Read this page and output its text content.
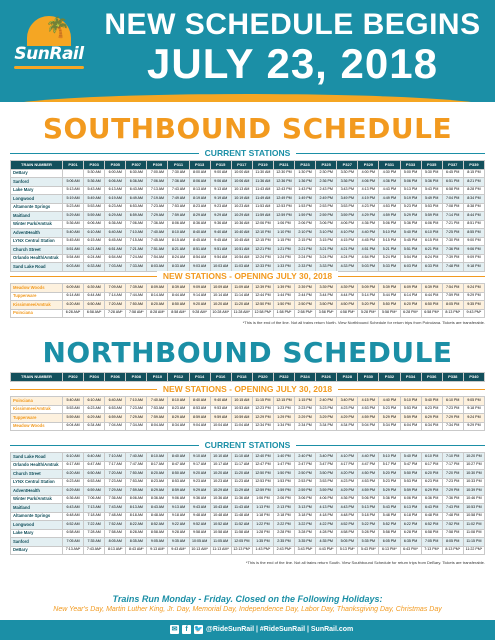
🌴
SunRail
NEW SCHEDULE BEGINS
JULY 23, 2018
SOUTHBOUND SCHEDULE
CURRENT STATIONS
TRAIN NUMBER	P301	P303	P305	P307	P309	P311	P313	P315	P317	P319	P321	P323	P325	P327	P329	P331	P333	P335	P337	P339
DeBary		5:30 AM	6:00 AM	6:30 AM	7:00 AM	7:30 AM	8:00 AM	9:00 AM	10:00 AM	11:30 AM	12:30 PM	1:30 PM	2:30 PM	3:30 PM	4:00 PM	4:30 PM	5:00 PM	5:30 PM	6:45 PM	8:15 PM
Sanford	5:06 AM	5:36 AM	6:06 AM	6:36 AM	7:06 AM	7:36 AM	8:06 AM	9:06 AM	10:06 AM	11:36 AM	12:36 PM	1:36 PM	2:36 PM	3:36 PM	4:06 PM	4:36 PM	5:06 PM	5:36 PM	6:51 PM	8:21 PM
Lake Mary	5:13 AM	5:43 AM	6:13 AM	6:43 AM	7:13 AM	7:43 AM	8:13 AM	9:13 AM	10:13 AM	11:43 AM	12:43 PM	1:43 PM	2:43 PM	3:43 PM	4:13 PM	4:43 PM	5:13 PM	5:43 PM	6:58 PM	8:28 PM
Longwood	5:19 AM	5:49 AM	6:19 AM	6:49 AM	7:19 AM	7:49 AM	8:19 AM	9:19 AM	10:19 AM	11:49 AM	12:49 PM	1:49 PM	2:49 PM	3:49 PM	4:19 PM	4:49 PM	5:19 PM	5:49 PM	7:04 PM	8:34 PM
Altamonte Springs	5:23 AM	5:53 AM	6:23 AM	6:53 AM	7:23 AM	7:53 AM	8:23 AM	9:23 AM	10:23 AM	11:53 AM	12:53 PM	1:53 PM	2:53 PM	3:53 PM	4:23 PM	4:53 PM	5:23 PM	5:53 PM	7:08 PM	8:38 PM
Maitland	5:29 AM	5:59 AM	6:29 AM	6:59 AM	7:29 AM	7:59 AM	8:29 AM	9:29 AM	10:29 AM	11:59 AM	12:59 PM	1:59 PM	2:59 PM	3:59 PM	4:29 PM	4:59 PM	5:29 PM	5:59 PM	7:14 PM	8:44 PM
Winter Park/Amtrak	5:36 AM	6:06 AM	6:36 AM	7:06 AM	7:36 AM	8:06 AM	8:36 AM	9:36 AM	10:36 AM	12:06 PM	1:06 PM	2:06 PM	3:06 PM	4:06 PM	4:36 PM	5:06 PM	5:36 PM	6:06 PM	7:21 PM	8:51 PM
AdventHealth	5:40 AM	6:10 AM	6:40 AM	7:10 AM	7:40 AM	8:10 AM	8:40 AM	9:40 AM	10:40 AM	12:10 PM	1:10 PM	2:10 PM	3:10 PM	4:10 PM	4:40 PM	5:10 PM	5:40 PM	6:10 PM	7:25 PM	8:55 PM
LYNX Central Station	5:45 AM	6:15 AM	6:45 AM	7:15 AM	7:45 AM	8:15 AM	8:45 AM	9:45 AM	10:45 AM	12:15 PM	1:15 PM	2:15 PM	3:15 PM	4:15 PM	4:45 PM	5:15 PM	5:45 PM	6:15 PM	7:30 PM	9:00 PM
Church Street	5:51 AM	6:21 AM	6:51 AM	7:21 AM	7:51 AM	8:21 AM	8:51 AM	9:51 AM	10:51 AM	12:21 PM	1:21 PM	2:21 PM	3:21 PM	4:21 PM	4:51 PM	5:21 PM	5:51 PM	6:21 PM	7:36 PM	9:06 PM
Orlando Health/Amtrak	5:54 AM	6:24 AM	6:54 AM	7:24 AM	7:54 AM	8:24 AM	8:54 AM	9:54 AM	10:54 AM	12:24 PM	1:24 PM	2:24 PM	3:24 PM	4:24 PM	4:54 PM	5:24 PM	5:54 PM	6:24 PM	7:39 PM	9:09 PM
Sand Lake Road	6:03 AM	6:33 AM	7:03 AM	7:33 AM	8:03 AM	8:33 AM	9:03 AM	10:03 AM	11:03 AM	12:33 PM	1:33 PM	2:33 PM	3:33 PM	4:33 PM	5:03 PM	5:33 PM	6:03 PM	6:33 PM	7:48 PM	9:18 PM
NEW STATIONS - OPENING JULY 30, 2018
Meadow Woods	6:09 AM	6:39 AM	7:09 AM	7:39 AM	8:09 AM	8:39 AM	9:09 AM	10:09 AM	11:09 AM	12:39 PM	1:39 PM	2:39 PM	3:39 PM	4:39 PM	5:09 PM	5:39 PM	6:09 PM	6:39 PM	7:54 PM	9:24 PM
Tupperware	6:14 AM	6:44 AM	7:14 AM	7:44 AM	8:14 AM	8:44 AM	9:14 AM	10:14 AM	11:14 AM	12:44 PM	1:44 PM	2:44 PM	3:44 PM	4:44 PM	5:14 PM	5:44 PM	6:14 PM	6:44 PM	7:59 PM	9:29 PM
Kissimmee/Amtrak	6:20 AM	6:50 AM	7:20 AM	7:50 AM	8:20 AM	8:50 AM	9:20 AM	10:20 AM	11:20 AM	12:50 PM	1:50 PM	2:50 PM	3:50 PM	4:50 PM	5:20 PM	5:50 PM	6:20 PM	6:50 PM	8:05 PM	9:35 PM
Poinciana	6:28 AM*	6:58 AM*	7:28 AM*	7:58 AM*	8:28 AM*	8:58 AM*	9:28 AM*	10:28 AM*	11:28 AM*	12:58 PM*	1:58 PM*	2:58 PM*	3:58 PM*	4:58 PM*	5:28 PM*	5:58 PM*	6:28 PM*	6:58 PM*	8:13 PM*	9:43 PM*
*This is the end of the line. Not all trains return North. View Northbound Schedule for return trips from Poinciana. Tickets are transferable.
NORTHBOUND SCHEDULE
TRAIN NUMBER	P302	P304	P306	P308	P310	P312	P314	P316	P318	P320	P322	P324	P326	P328	P330	P332	P334	P336	P338	P340
NEW STATIONS - OPENING JULY 30, 2018
Poinciana	5:40 AM	6:10 AM	6:40 AM	7:10 AM	7:40 AM	8:10 AM	8:40 AM	9:40 AM	10:15 AM	11:15 PM	12:15 PM	1:15 PM	2:40 PM	3:40 PM	4:15 PM	4:40 PM	5:10 PM	5:40 PM	6:10 PM	9:05 PM
Kissimmee/Amtrak	5:53 AM	6:23 AM	6:53 AM	7:23 AM	7:53 AM	8:23 AM	8:53 AM	9:53 AM	10:53 AM	12:23 PM	1:23 PM	2:23 PM	3:23 PM	4:23 PM	4:53 PM	5:23 PM	5:53 PM	6:23 PM	7:23 PM	9:18 PM
Tupperware	5:59 AM	6:29 AM	6:59 AM	7:29 AM	7:59 AM	8:29 AM	8:59 AM	9:59 AM	10:59 AM	12:29 PM	1:29 PM	2:29 PM	3:29 PM	4:29 PM	4:59 PM	5:29 PM	5:59 PM	6:29 PM	7:29 PM	9:24 PM
Meadow Woods	6:04 AM	6:34 AM	7:04 AM	7:34 AM	8:04 AM	8:34 AM	9:04 AM	10:04 AM	11:04 AM	12:34 PM	1:34 PM	2:34 PM	3:34 PM	4:34 PM	5:04 PM	5:34 PM	6:04 PM	6:34 PM	7:34 PM	9:29 PM
CURRENT STATIONS
Sand Lake Road	6:10 AM	6:40 AM	7:10 AM	7:40 AM	8:10 AM	8:40 AM	9:10 AM	10:10 AM	11:10 AM	12:40 PM	1:40 PM	2:40 PM	3:40 PM	4:10 PM	4:40 PM	5:10 PM	5:40 PM	6:10 PM	7:10 PM	10:20 PM
Orlando Health/Amtrak	6:17 AM	6:47 AM	7:17 AM	7:47 AM	8:17 AM	8:47 AM	9:17 AM	10:17 AM	11:17 AM	12:47 PM	1:47 PM	2:47 PM	3:47 PM	4:17 PM	4:47 PM	5:17 PM	5:47 PM	6:17 PM	7:17 PM	10:27 PM
Church Street	6:20 AM	6:50 AM	7:20 AM	7:50 AM	8:20 AM	8:50 AM	9:20 AM	10:20 AM	11:20 AM	12:50 PM	1:50 PM	2:50 PM	3:50 PM	4:20 PM	4:50 PM	5:20 PM	5:50 PM	6:20 PM	7:20 PM	10:30 PM
LYNX Central Station	6:23 AM	6:53 AM	7:23 AM	7:53 AM	8:23 AM	8:53 AM	9:23 AM	10:23 AM	11:23 AM	12:53 PM	1:53 PM	2:53 PM	3:53 PM	4:23 PM	4:53 PM	5:23 PM	5:53 PM	6:23 PM	7:23 PM	10:33 PM
AdventHealth	6:29 AM	6:59 AM	7:29 AM	7:59 AM	8:29 AM	8:59 AM	9:29 AM	10:29 AM	11:29 AM	12:59 PM	1:59 PM	2:59 PM	3:59 PM	4:29 PM	4:59 PM	5:29 PM	5:59 PM	6:29 PM	7:29 PM	10:39 PM
Winter Park/Amtrak	6:36 AM	7:06 AM	7:36 AM	8:06 AM	8:36 AM	9:06 AM	9:36 AM	10:36 AM	11:36 AM	1:06 PM	2:06 PM	3:06 PM	4:06 PM	4:36 PM	5:06 PM	5:36 PM	6:06 PM	6:36 PM	7:36 PM	10:46 PM
Maitland	6:43 AM	7:13 AM	7:43 AM	8:13 AM	8:43 AM	9:13 AM	9:43 AM	10:43 AM	11:43 AM	1:13 PM	2:13 PM	3:13 PM	4:13 PM	4:43 PM	5:13 PM	5:43 PM	6:13 PM	6:43 PM	7:43 PM	10:53 PM
Altamonte Springs	6:48 AM	7:18 AM	7:48 AM	8:18 AM	8:48 AM	9:18 AM	9:48 AM	10:48 AM	11:48 AM	1:18 PM	2:18 PM	3:18 PM	4:18 PM	4:48 PM	5:18 PM	5:48 PM	6:18 PM	6:48 PM	7:48 PM	10:58 PM
Longwood	6:52 AM	7:22 AM	7:52 AM	8:22 AM	8:52 AM	9:22 AM	9:52 AM	10:52 AM	11:52 AM	1:22 PM	2:22 PM	3:22 PM	4:22 PM	4:52 PM	5:22 PM	5:52 PM	6:22 PM	6:52 PM	7:52 PM	11:02 PM
Lake Mary	6:58 AM	7:28 AM	7:58 AM	8:28 AM	8:58 AM	9:28 AM	9:58 AM	10:58 AM	11:58 AM	1:28 PM	2:28 PM	3:28 PM	4:28 PM	4:58 PM	5:28 PM	5:58 PM	6:28 PM	6:58 PM	7:58 PM	11:08 PM
Sanford	7:05 AM	7:35 AM	8:05 AM	8:35 AM	9:05 AM	9:35 AM	10:05 AM	11:05 AM	12:05 PM	1:35 PM	2:35 PM	3:35 PM	4:35 PM	5:05 PM	5:35 PM	6:05 PM	6:35 PM	7:05 PM	8:05 PM	11:15 PM
DeBary	7:13 AM*	7:43 AM*	8:13 AM*	8:43 AM*	9:13 AM*	9:43 AM*	10:13 AM*	11:13 AM*	12:13 PM*	1:43 PM*	2:43 PM*	3:43 PM*	4:43 PM*	5:13 PM*	5:43 PM*	6:13 PM*	6:43 PM*	7:13 PM*	8:13 PM*	11:22 PM*
*This is the end of the line. Not all trains return South. View Southbound Schedule for return trips from DeBary. Tickets are transferable.
Trains Run Monday - Friday. Closed on the Following Holidays:
New Year's Day, Martin Luther King, Jr. Day, Memorial Day, Independence Day, Labor Day, Thanksgiving Day, Christmas Day
✉	f 🐦 @RideSunRail | #RideSunRail | SunRail.com
